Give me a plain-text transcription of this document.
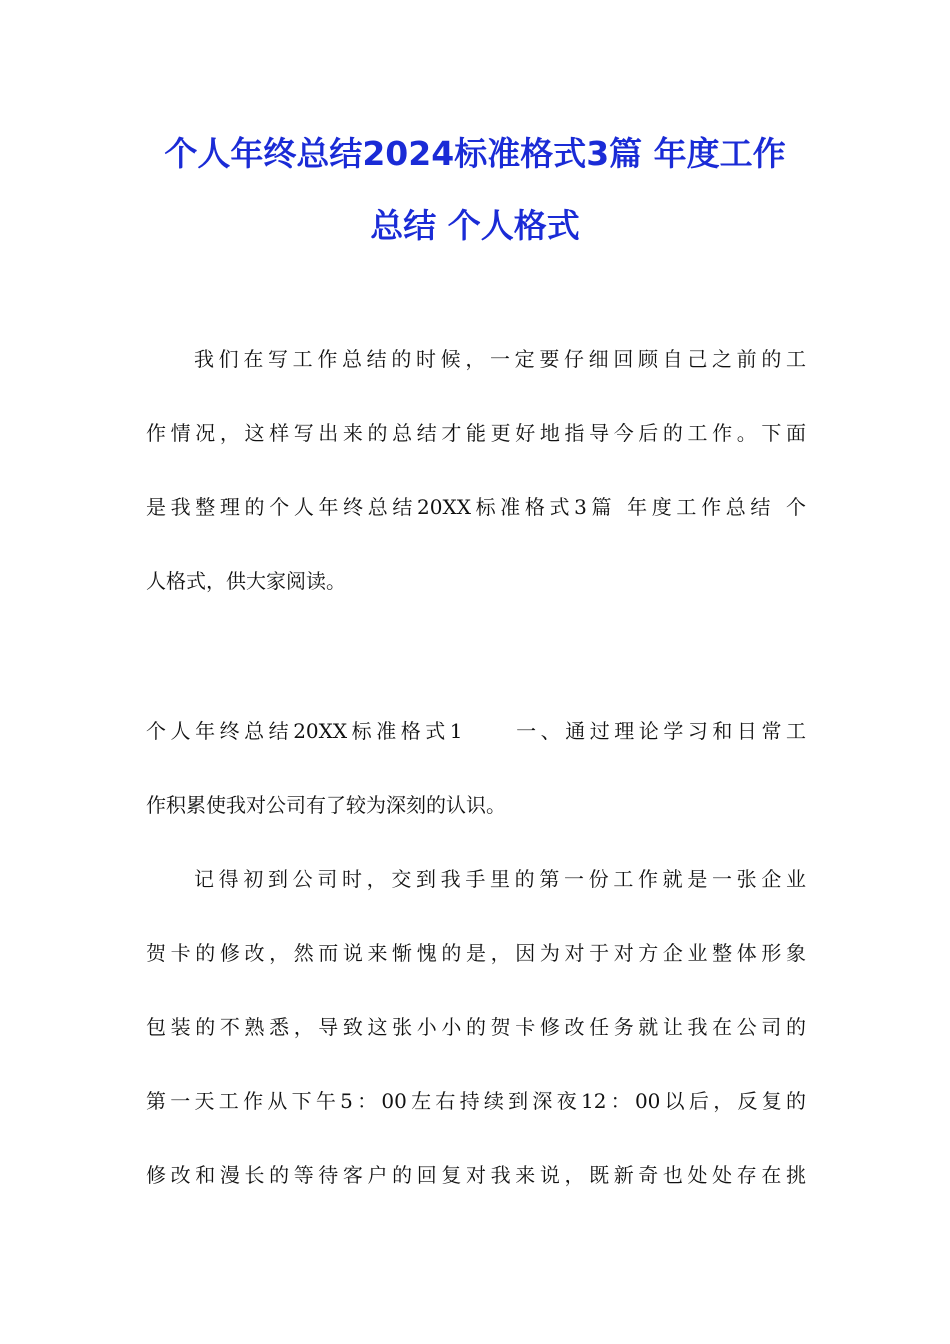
个人年终总结2024标准格式3篇 年度工作
总结 个人格式
我们在写工作总结的时候，一定要仔细回顾自己之前的工
作情况，这样写出来的总结才能更好地指导今后的工作。下面
是我整理的个人年终总结20XX标准格式3篇 年度工作总结 个
人格式，供大家阅读。
个人年终总结20XX标准格式1　　一、通过理论学习和日常工
作积累使我对公司有了较为深刻的认识。
记得初到公司时，交到我手里的第一份工作就是一张企业
贺卡的修改，然而说来惭愧的是，因为对于对方企业整体形象
包装的不熟悉，导致这张小小的贺卡修改任务就让我在公司的
第一天工作从下午5：00左右持续到深夜12：00以后，反复的
修改和漫长的等待客户的回复对我来说，既新奇也处处存在挑
